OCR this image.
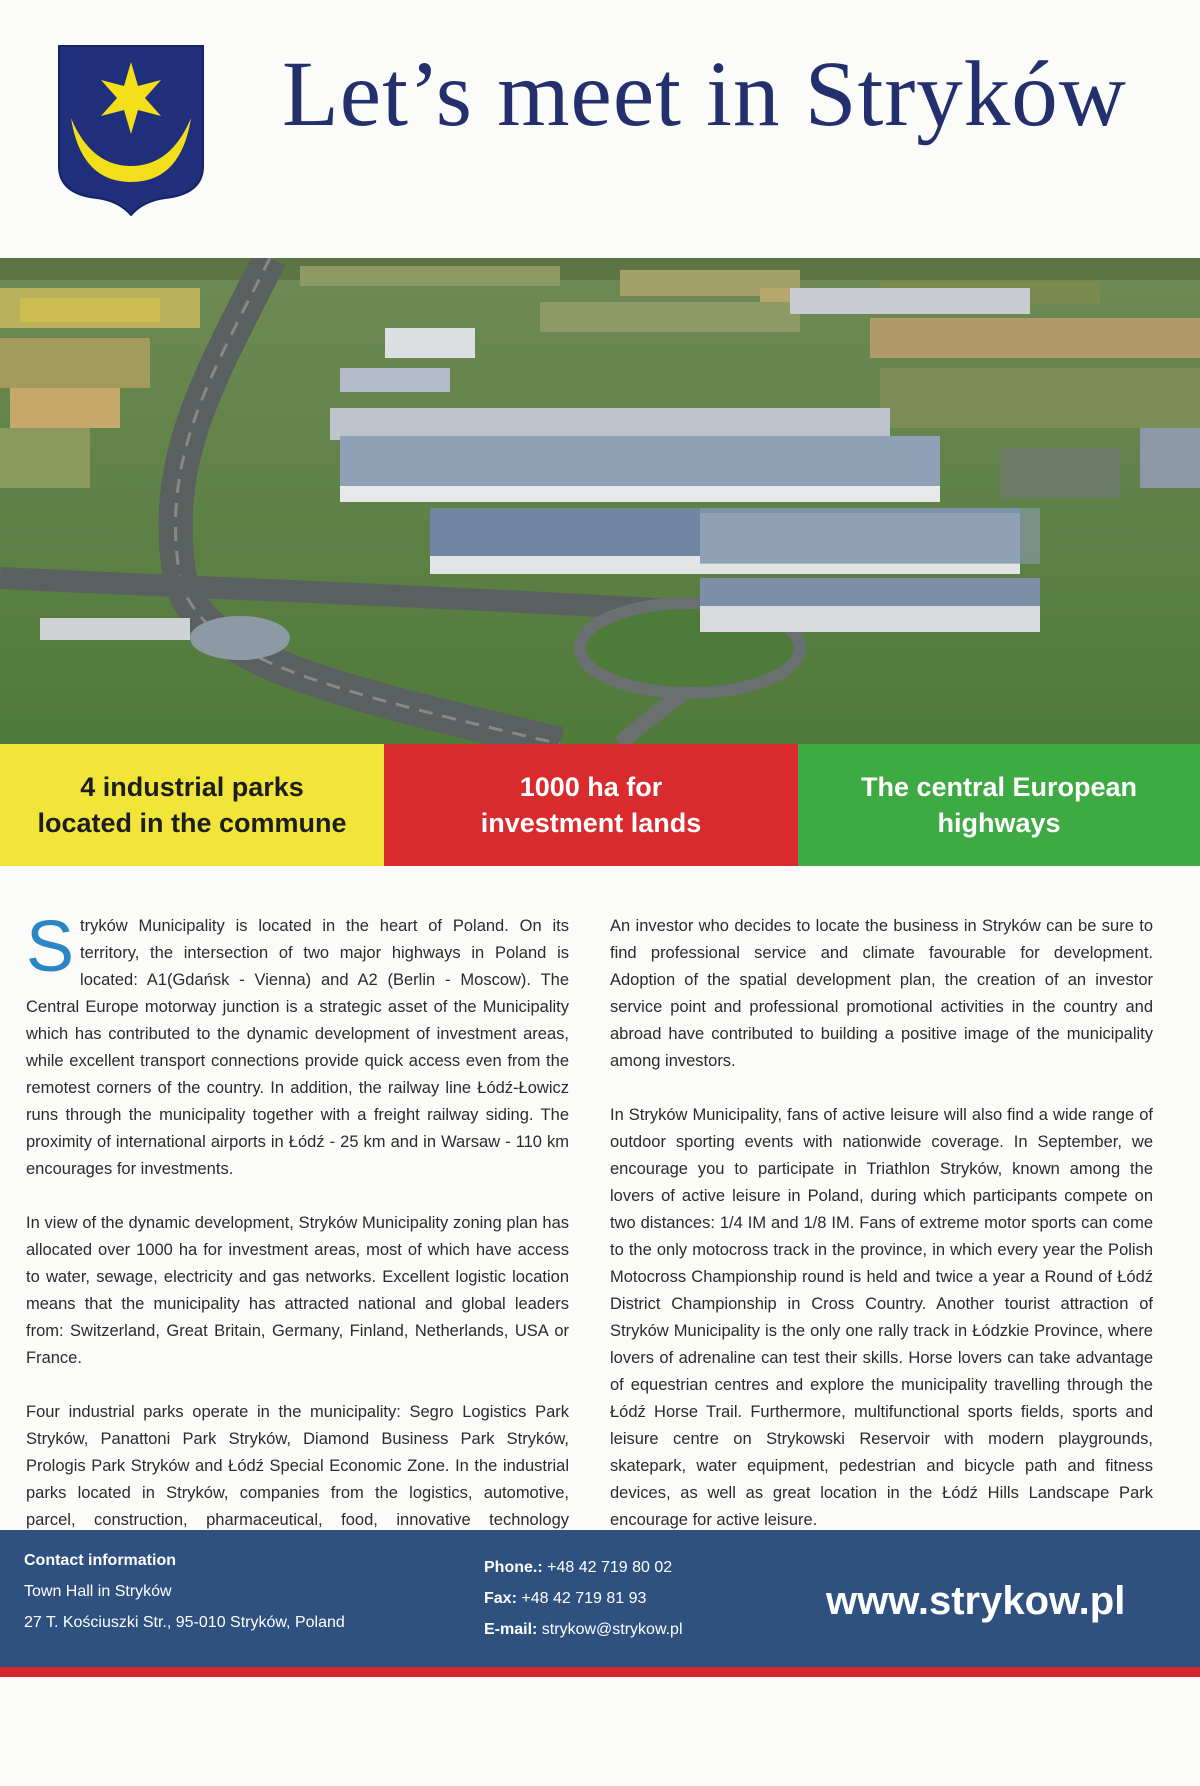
Let’s meet in Stryków
4 industrial parks
located in the commune
1000 ha for
investment lands
The central European
highways

Stryków Municipality is located in the heart of Poland. On its territory, the intersection of two major highways in Poland is located: A1(Gdańsk - Vienna) and A2 (Berlin - Moscow). The Central Europe motorway junction is a strategic asset of the Municipality which has contributed to the dynamic development of investment areas, while excellent transport connections provide quick access even from the remotest corners of the country. In addition, the railway line Łódź-Łowicz runs through the municipality together with a freight railway siding. The proximity of international airports in Łódź - 25 km and in Warsaw - 110 km encourages for investments.

In view of the dynamic development, Stryków Municipality zoning plan has allocated over 1000 ha for investment areas, most of which have access to water, sewage, electricity and gas networks. Excellent logistic location means that the municipality has attracted national and global leaders from: Switzerland, Great Britain, Germany, Finland, Netherlands, USA or France.

Four industrial parks operate in the municipality: Segro Logistics Park Stryków, Panattoni Park Stryków, Diamond Business Park Stryków, Prologis Park Stryków and Łódź Special Economic Zone. In the industrial parks located in Stryków, companies from the logistics, automotive, parcel, construction, pharmaceutical, food, innovative technology

An investor who decides to locate the business in Stryków can be sure to find professional service and climate favourable for development. Adoption of the spatial development plan, the creation of an investor service point and professional promotional activities in the country and abroad have contributed to building a positive image of the municipality among investors.

In Stryków Municipality, fans of active leisure will also find a wide range of outdoor sporting events with nationwide coverage. In September, we encourage you to participate in Triathlon Stryków, known among the lovers of active leisure in Poland, during which participants compete on two distances: 1/4 IM and 1/8 IM. Fans of extreme motor sports can come to the only motocross track in the province, in which every year the Polish Motocross Championship round is held and twice a year a Round of Łódź District Championship in Cross Country. Another tourist attraction of Stryków Municipality is the only one rally track in Łódzkie Province, where lovers of adrenaline can test their skills. Horse lovers can take advantage of equestrian centres and explore the municipality travelling through the Łódź Horse Trail. Furthermore, multifunctional sports fields, sports and leisure centre on Strykowski Reservoir with modern playgrounds, skatepark, water equipment, pedestrian and bicycle path and fitness devices, as well as great location in the Łódź Hills Landscape Park encourage for active leisure.

Contact information
Town Hall in Stryków
27 T. Kościuszki Str., 95-010 Stryków, Poland
Phone.: +48 42 719 80 02
Fax: +48 42 719 81 93
E-mail: strykow@strykow.pl
www.strykow.pl
